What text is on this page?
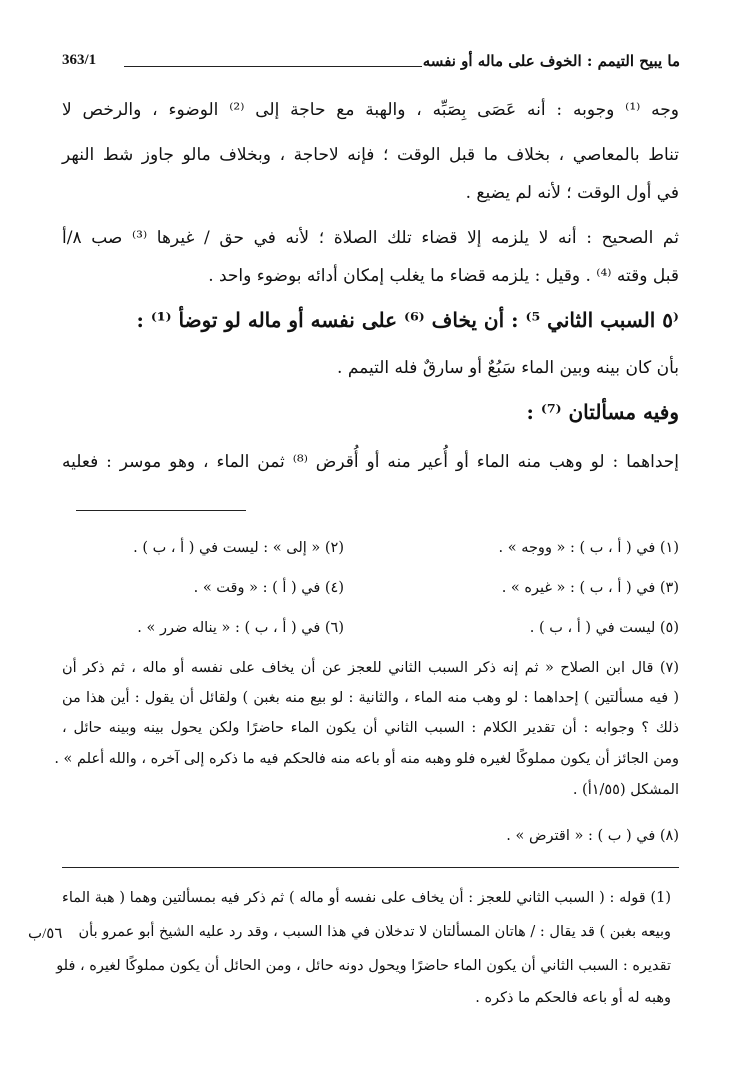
ما يبيح التيمم : الخوف على ماله أو نفسه
363/1
وجه ⁽¹⁾ وجوبه : أنه عَصَى بِصَبِّه ، والهبة مع حاجة إلى ⁽²⁾ الوضوء ، والرخص لا
تناط بالمعاصي ، بخلاف ما قبل الوقت ؛ فإنه لاحاجة ، وبخلاف مالو جاوز شط النهر
في أول الوقت ؛ لأنه لم يضيع .
ثم الصحيح : أنه لا يلزمه إلا قضاء تلك الصلاة ؛ لأنه في حق / غيرها ⁽³⁾ صب ٨/أ
قبل وقته ⁽⁴⁾ . وقيل : يلزمه قضاء ما يغلب إمكان أدائه بوضوء واحد .
⁽٥ السبب الثاني ⁵⁾ : أن يخاف ⁽⁶⁾ على نفسه أو ماله لو توضأ ⁽¹⁾ :
بأن كان بينه وبين الماء سَبُعٌ أو سارقٌ فله التيمم .
وفيه مسألتان ⁽⁷⁾ :
إحداهما : لو وهب منه الماء أو أُعير منه أو أُقرض ⁽⁸⁾ ثمن الماء ، وهو موسر : فعليه
(١) في ( أ ، ب ) : « ووجه » .
(٢) « إلى » : ليست في ( أ ، ب ) .
(٣) في ( أ ، ب ) : « غيره » .
(٤) في ( أ ) : « وقت » .
(٥) ليست في ( أ ، ب ) .
(٦) في ( أ ، ب ) : « يناله ضرر » .
(٧) قال ابن الصلاح « ثم إنه ذكر السبب الثاني للعجز عن أن يخاف على نفسه أو ماله ، ثم ذكر أن
( فيه مسألتين ) إحداهما : لو وهب منه الماء ، والثانية : لو بيع منه بغبن ) ولقائل أن يقول : أين هذا من
ذلك ؟ وجوابه : أن تقدير الكلام : السبب الثاني أن يكون الماء حاضرًا ولكن يحول بينه وبينه حائل ،
ومن الجائز أن يكون مملوكًا لغيره فلو وهبه منه أو باعه منه فالحكم فيه ما ذكره إلى آخره ، والله أعلم » .
المشكل (١/٥٥أ) .
(٨) في ( ب ) : « اقترض » .
(1) قوله : ( السبب الثاني للعجز : أن يخاف على نفسه أو ماله ) ثم ذكر فيه بمسألتين وهما ( هبة الماء
وبيعه بغبن ) قد يقال : / هاتان المسألتان لا تدخلان في هذا السبب ، وقد رد عليه الشيخ أبو عمرو بأن
٥٦/ب
تقديره : السبب الثاني أن يكون الماء حاضرًا ويحول دونه حائل ، ومن الحائل أن يكون مملوكًا لغيره ، فلو
وهبه له أو باعه فالحكم ما ذكره .
